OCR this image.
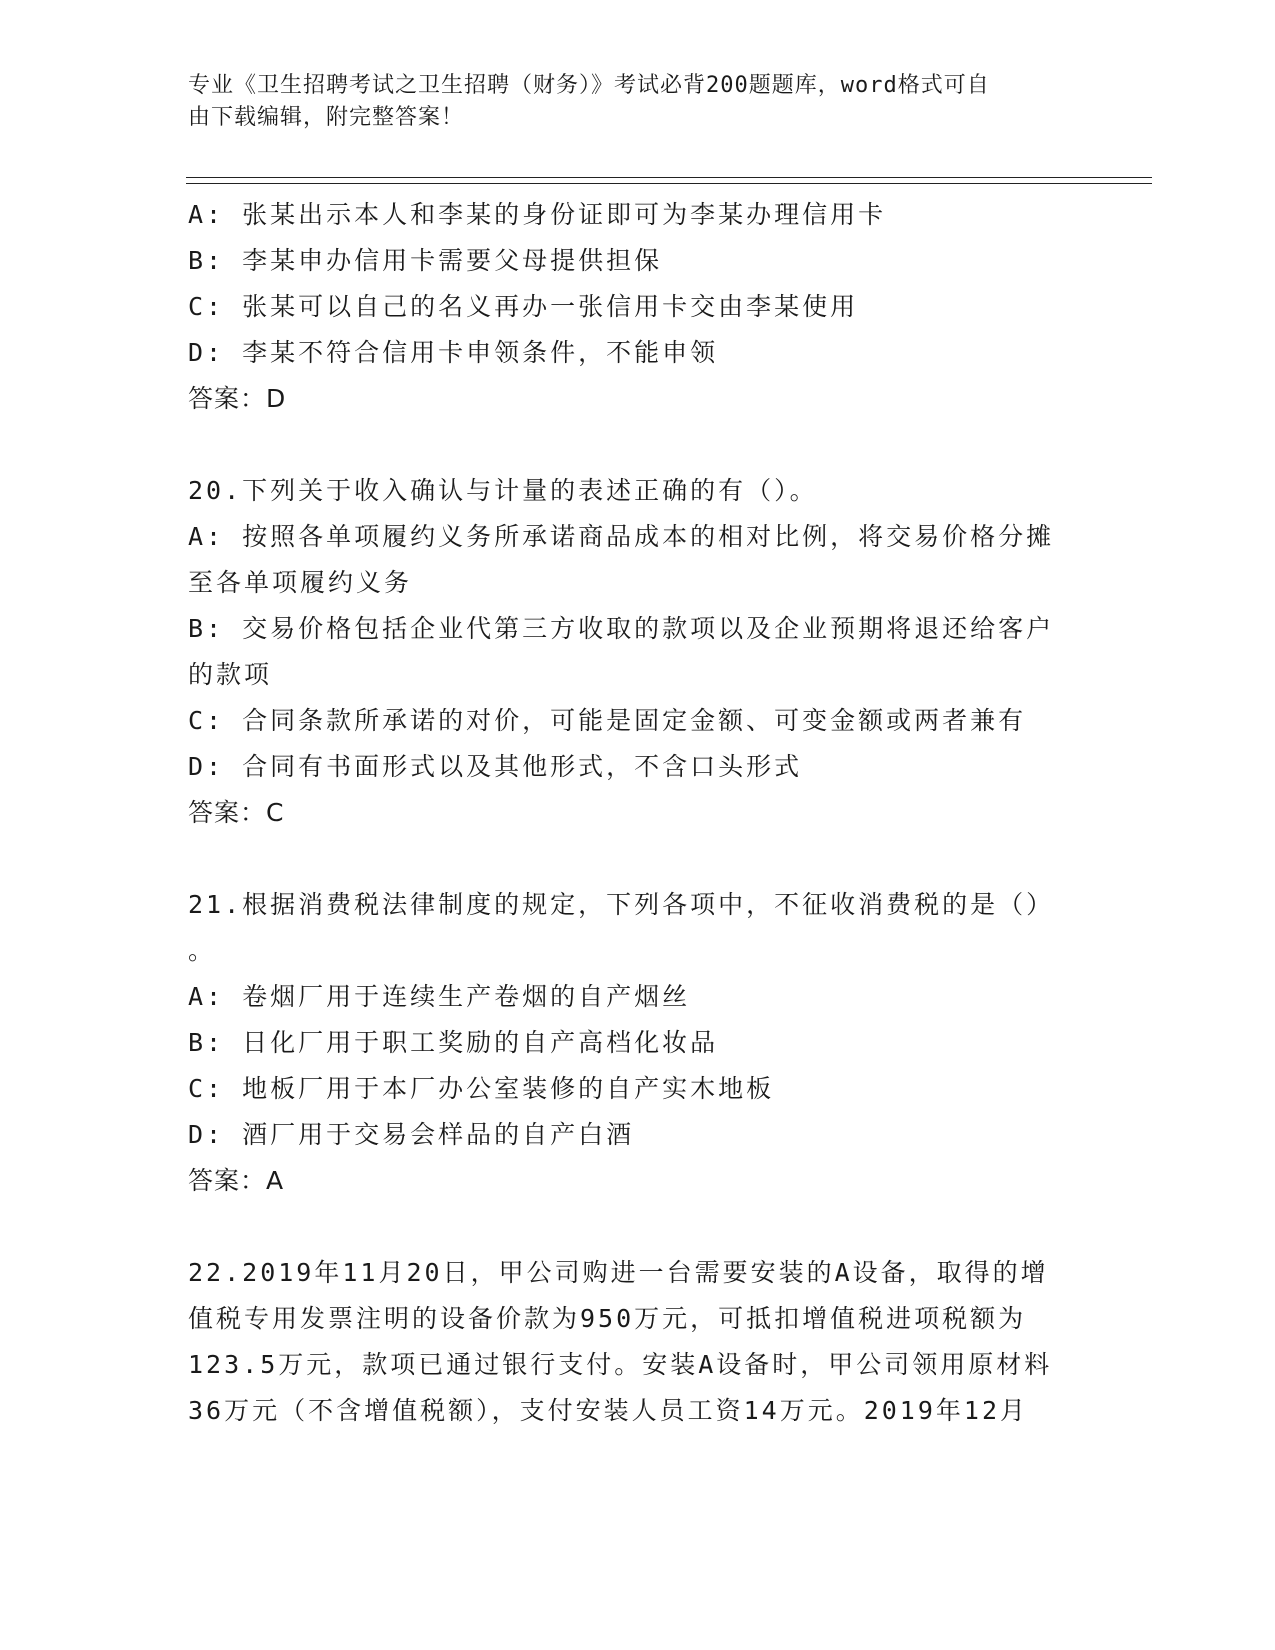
专业《卫生招聘考试之卫生招聘（财务）》考试必背200题题库，word格式可自
由下载编辑，附完整答案！
A: 张某出示本人和李某的身份证即可为李某办理信用卡
B: 李某申办信用卡需要父母提供担保
C: 张某可以自己的名义再办一张信用卡交由李某使用
D: 李某不符合信用卡申领条件，不能申领
答案：D
20.下列关于收入确认与计量的表述正确的有（）。
A: 按照各单项履约义务所承诺商品成本的相对比例，将交易价格分摊
至各单项履约义务
B: 交易价格包括企业代第三方收取的款项以及企业预期将退还给客户
的款项
C: 合同条款所承诺的对价，可能是固定金额、可变金额或两者兼有
D: 合同有书面形式以及其他形式，不含口头形式
答案：C
21.根据消费税法律制度的规定，下列各项中，不征收消费税的是（）
。
A: 卷烟厂用于连续生产卷烟的自产烟丝
B: 日化厂用于职工奖励的自产高档化妆品
C: 地板厂用于本厂办公室装修的自产实木地板
D: 酒厂用于交易会样品的自产白酒
答案：A
22.2019年11月20日，甲公司购进一台需要安装的A设备，取得的增
值税专用发票注明的设备价款为950万元，可抵扣增值税进项税额为
123.5万元，款项已通过银行支付。安装A设备时，甲公司领用原材料
36万元（不含增值税额），支付安装人员工资14万元。2019年12月
